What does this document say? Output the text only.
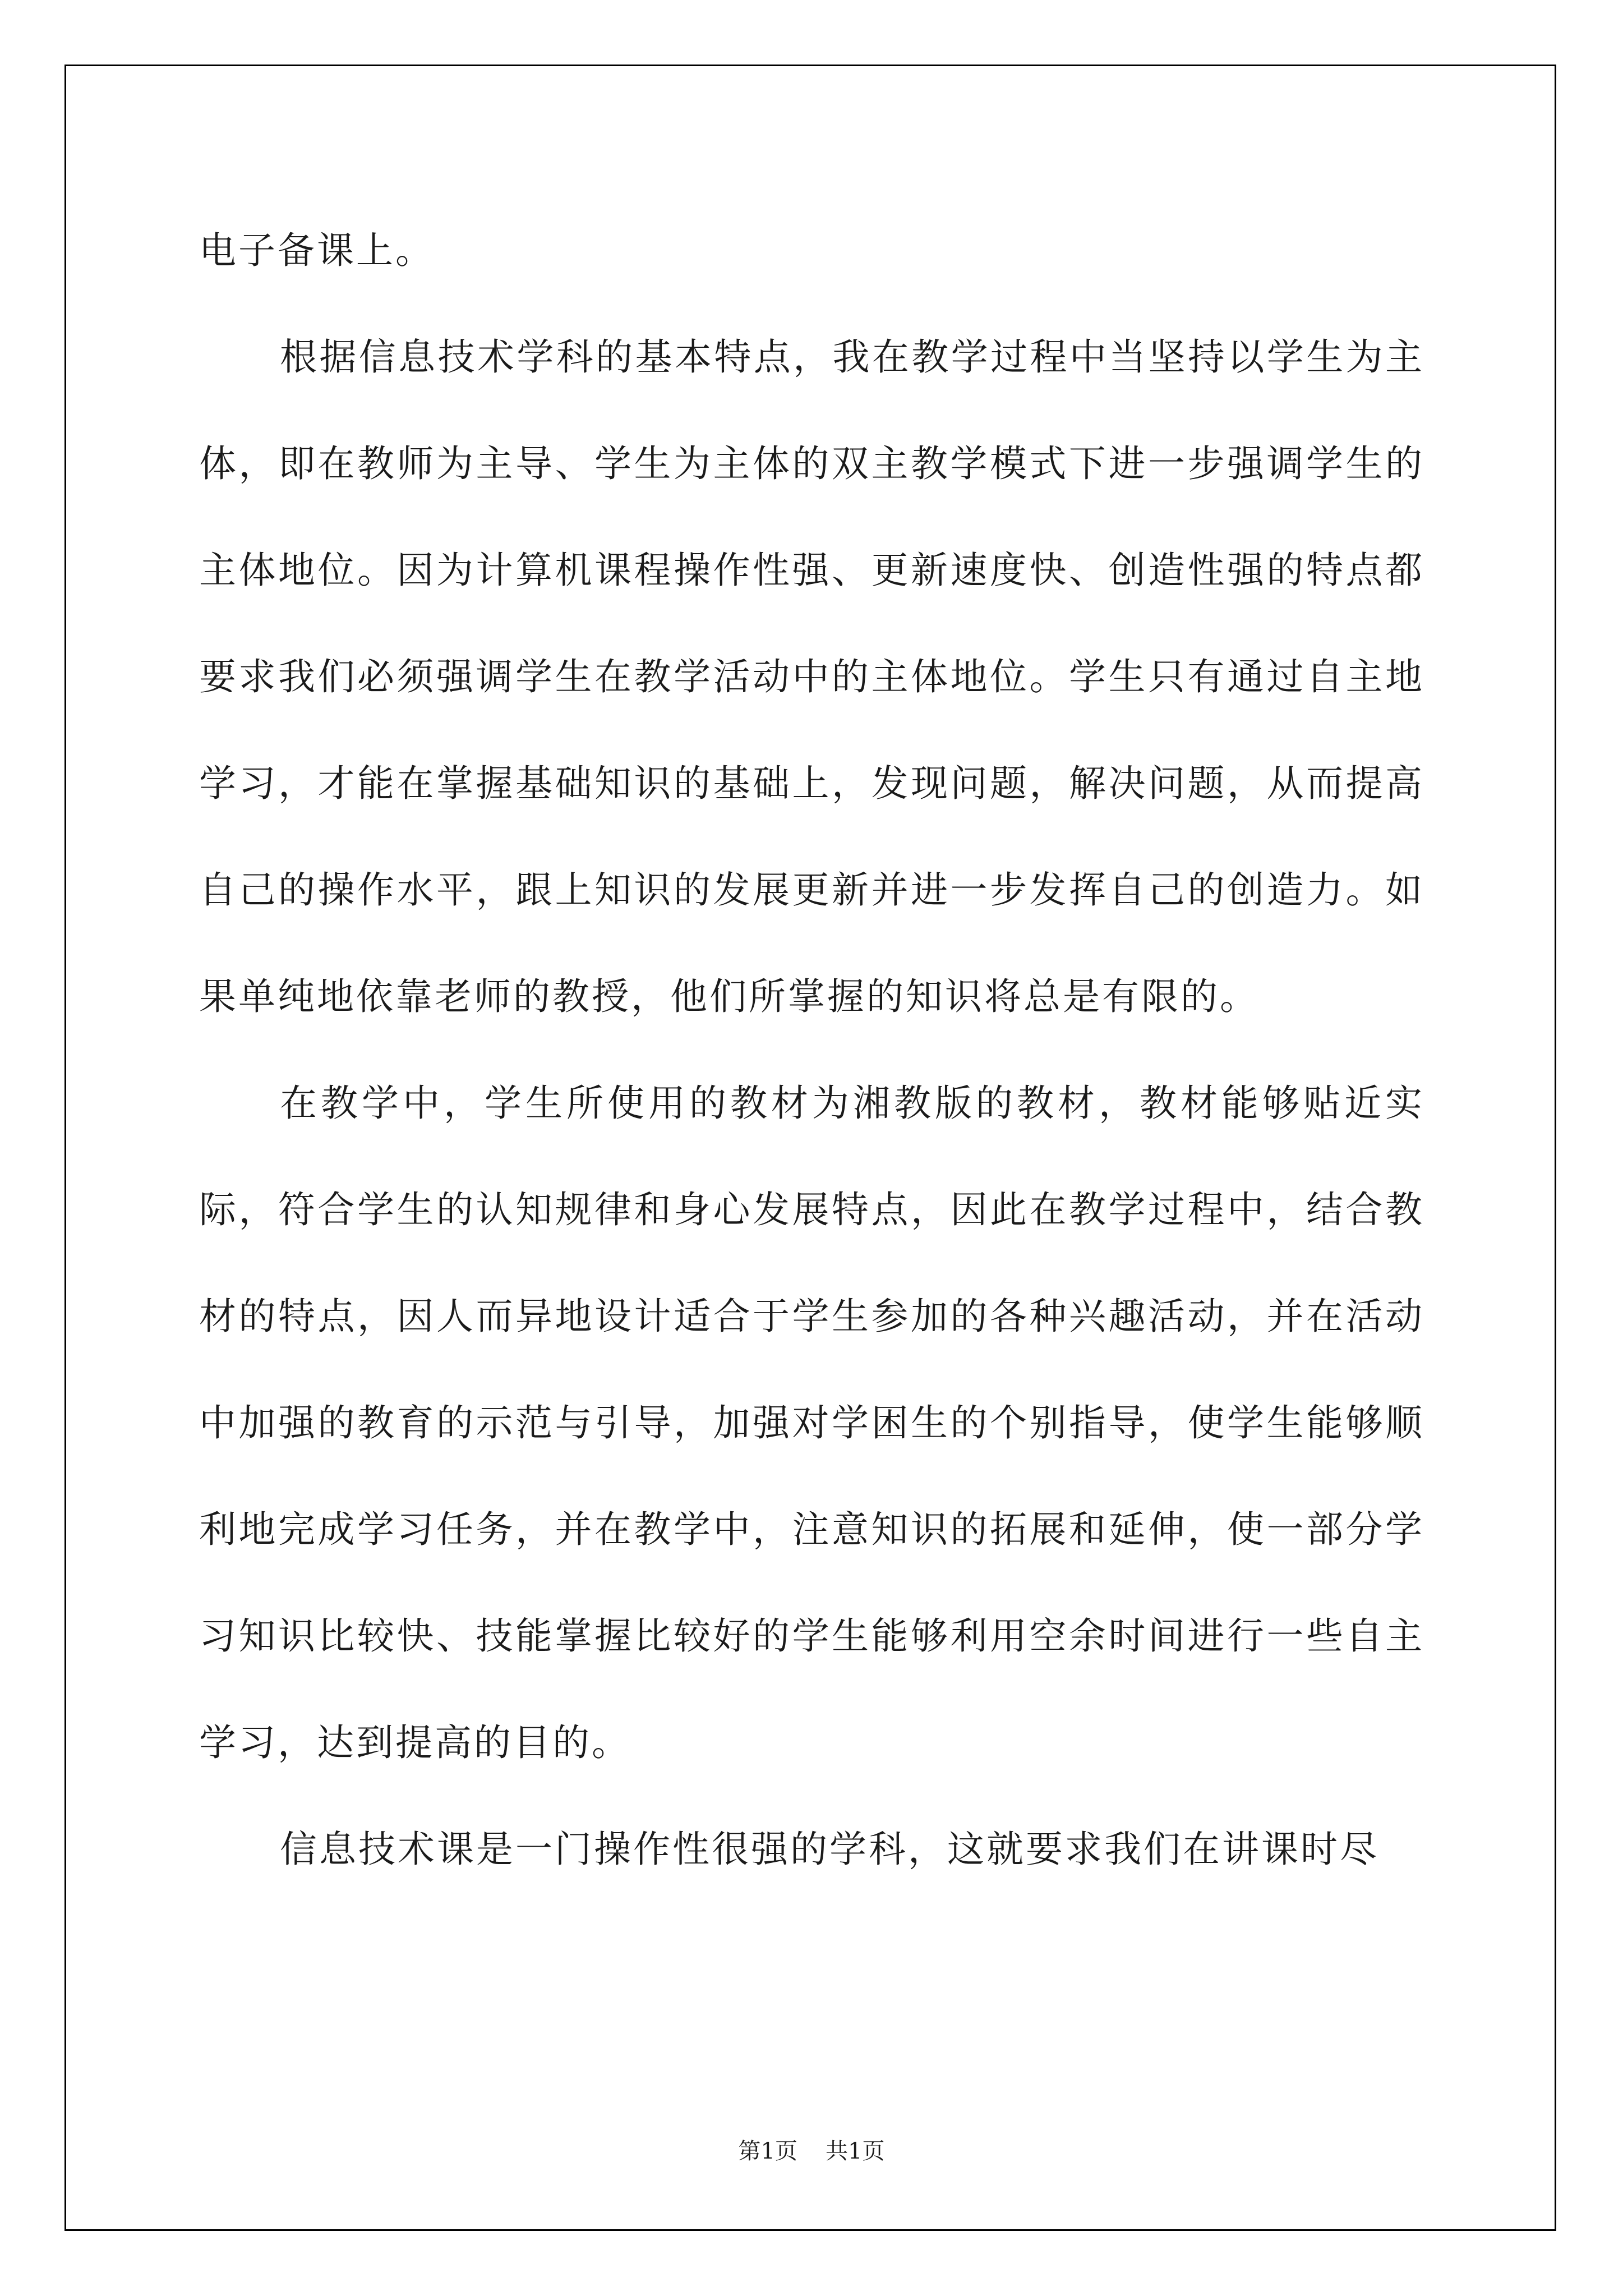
电子备课上。

根据信息技术学科的基本特点，我在教学过程中当坚持以学生为主体，即在教师为主导、学生为主体的双主教学模式下进一步强调学生的主体地位。因为计算机课程操作性强、更新速度快、创造性强的特点都要求我们必须强调学生在教学活动中的主体地位。学生只有通过自主地学习，才能在掌握基础知识的基础上，发现问题，解决问题，从而提高自己的操作水平，跟上知识的发展更新并进一步发挥自己的创造力。如果单纯地依靠老师的教授，他们所掌握的知识将总是有限的。

在教学中，学生所使用的教材为湘教版的教材，教材能够贴近实际，符合学生的认知规律和身心发展特点，因此在教学过程中，结合教材的特点，因人而异地设计适合于学生参加的各种兴趣活动，并在活动中加强的教育的示范与引导，加强对学困生的个别指导，使学生能够顺利地完成学习任务，并在教学中，注意知识的拓展和延伸，使一部分学习知识比较快、技能掌握比较好的学生能够利用空余时间进行一些自主学习，达到提高的目的。

信息技术课是一门操作性很强的学科，这就要求我们在讲课时尽

第1页 共1页
